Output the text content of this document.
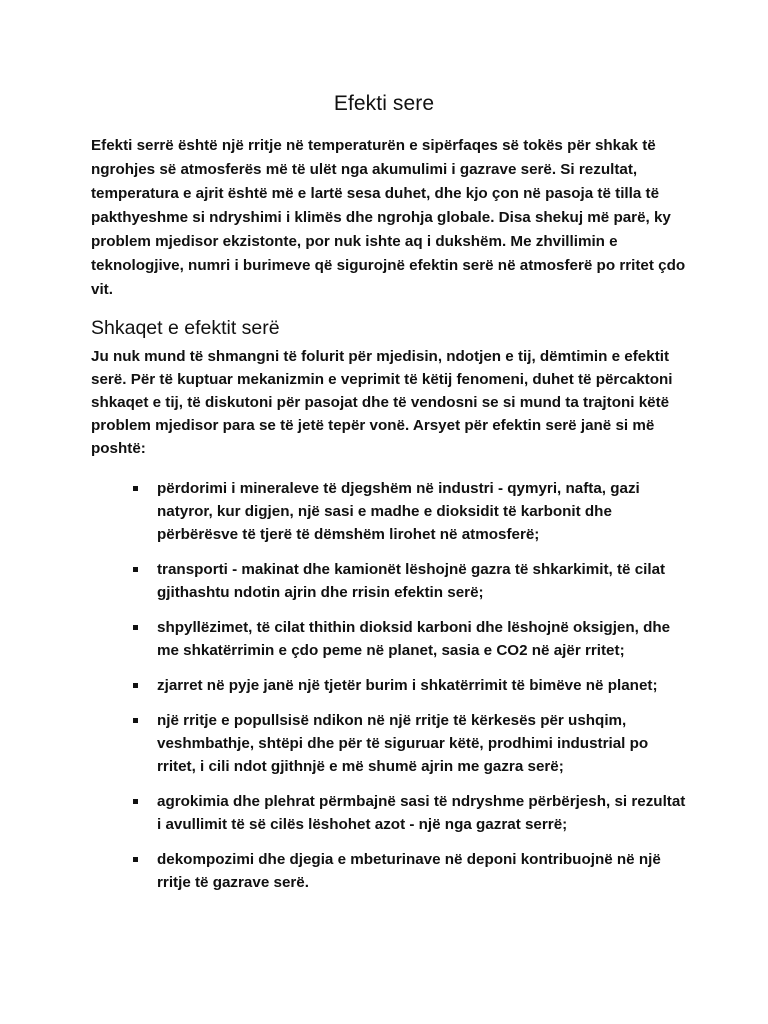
Efekti sere

Efekti serrë është një rritje në temperaturën e sipërfaqes së tokës për shkak të ngrohjes së atmosferës më të ulët nga akumulimi i gazrave serë. Si rezultat, temperatura e ajrit është më e lartë sesa duhet, dhe kjo çon në pasoja të tilla të pakthyeshme si ndryshimi i klimës dhe ngrohja globale. Disa shekuj më parë, ky problem mjedisor ekzistonte, por nuk ishte aq i dukshëm. Me zhvillimin e teknologjive, numri i burimeve që sigurojnë efektin serë në atmosferë po rritet çdo vit.

Shkaqet e efektit serë

Ju nuk mund të shmangni të folurit për mjedisin, ndotjen e tij, dëmtimin e efektit serë. Për të kuptuar mekanizmin e veprimit të këtij fenomeni, duhet të përcaktoni shkaqet e tij, të diskutoni për pasojat dhe të vendosni se si mund ta trajtoni këtë problem mjedisor para se të jetë tepër vonë. Arsyet për efektin serë janë si më poshtë:

përdorimi i mineraleve të djegshëm në industri - qymyri, nafta, gazi natyror, kur digjen, një sasi e madhe e dioksidit të karbonit dhe përbërësve të tjerë të dëmshëm lirohet në atmosferë;
transporti - makinat dhe kamionët lëshojnë gazra të shkarkimit, të cilat gjithashtu ndotin ajrin dhe rrisin efektin serë;
shpyllëzimet, të cilat thithin dioksid karboni dhe lëshojnë oksigjen, dhe me shkatërrimin e çdo peme në planet, sasia e CO2 në ajër rritet;
zjarret në pyje janë një tjetër burim i shkatërrimit të bimëve në planet;
një rritje e popullsisë ndikon në një rritje të kërkesës për ushqim, veshmbathje, shtëpi dhe për të siguruar këtë, prodhimi industrial po rritet, i cili ndot gjithnjë e më shumë ajrin me gazra serë;
agrokimia dhe plehrat përmbajnë sasi të ndryshme përbërjesh, si rezultat i avullimit të së cilës lëshohet azot - një nga gazrat serrë;
dekompozimi dhe djegia e mbeturinave në deponi kontribuojnë në një rritje të gazrave serë.
